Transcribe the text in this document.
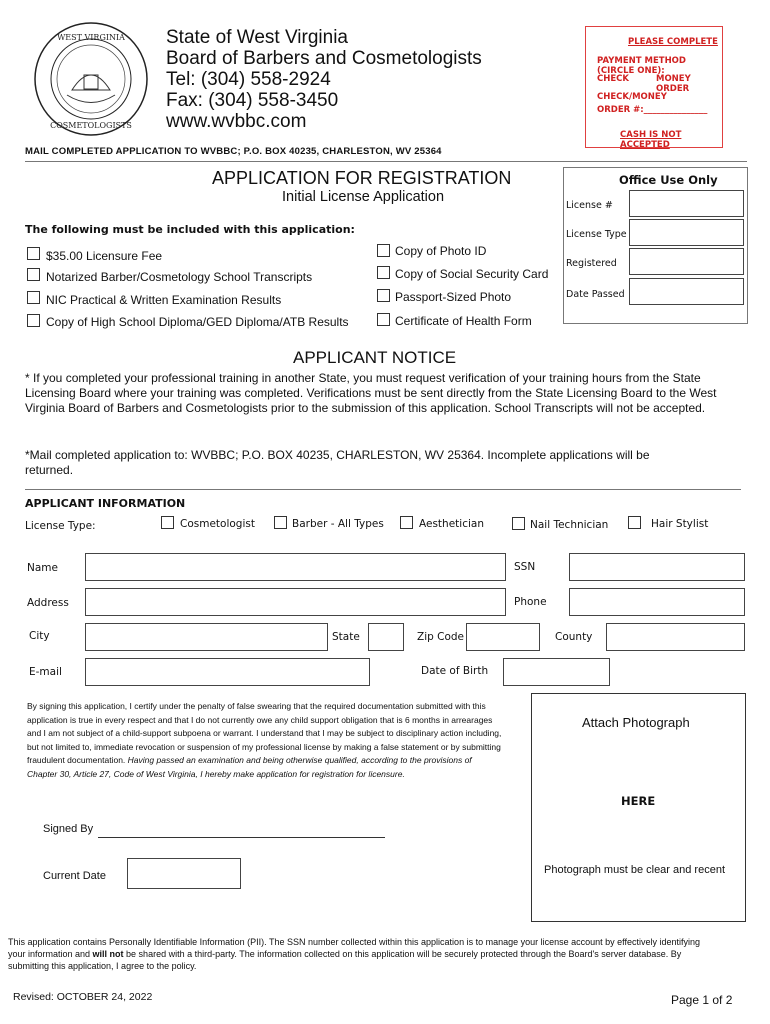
WEST VIRGINIA
COSMETOLOGISTS
State of West Virginia
Board of Barbers and Cosmetologists
Tel: (304) 558-2924
Fax: (304) 558-3450
www.wvbbc.com
PLEASE COMPLETE
PAYMENT METHOD (CIRCLE ONE):
CHECK	MONEY ORDER
CHECK/MONEY
ORDER #:_______________
CASH IS NOT ACCEPTED
MAIL COMPLETED APPLICATION TO WVBBC; P.O. BOX 40235, CHARLESTON, WV 25364
APPLICATION FOR REGISTRATION
Initial License Application
The following must be included with this application:
$35.00 Licensure Fee
Notarized Barber/Cosmetology School Transcripts
NIC Practical & Written Examination Results
Copy of High School Diploma/GED Diploma/ATB Results
Copy of Photo ID
Copy of Social Security Card
Passport-Sized Photo
Certificate of Health Form
Office Use Only
License #
License Type
Registered
Date Passed
APPLICANT NOTICE
* If you completed your professional training in another State, you must request verification of your training hours from the State Licensing Board where your training was completed. Verifications must be sent directly from the State Licensing Board to the West Virginia Board of Barbers and Cosmetologists prior to the submission of this application. School Transcripts will not be accepted.
*Mail completed application to: WVBBC; P.O. BOX 40235, CHARLESTON, WV 25364. Incomplete applications will be returned.
APPLICANT INFORMATION
License Type:	Cosmetologist	Barber - All Types	Aesthetician	Nail Technician	Hair Stylist
Name	SSN
Address	Phone
City	State	Zip Code	County
E-mail	Date of Birth
By signing this application, I certify under the penalty of false swearing that the required documentation submitted with this application is true in every respect and that I do not currently owe any child support obligation that is 6 months in arrearages and I am not subject of a child-support subpoena or warrant. I understand that I may be subject to disciplinary action including, but not limited to, immediate revocation or suspension of my professional license by making a false statement or by submitting fraudulent documentation. Having passed an examination and being otherwise qualified, according to the provisions of Chapter 30, Article 27, Code of West Virginia, I hereby make application for registration for licensure.
Signed By
Current Date
Attach Photograph
HERE
Photograph must be clear and recent
This application contains Personally Identifiable Information (PII). The SSN number collected within this application is to manage your license account by effectively identifying your information and will not be shared with a third-party. The information collected on this application will be securely protected through the Board's server database. By submitting this application, I agree to the policy.
Revised: OCTOBER 24, 2022	Page 1 of 2
